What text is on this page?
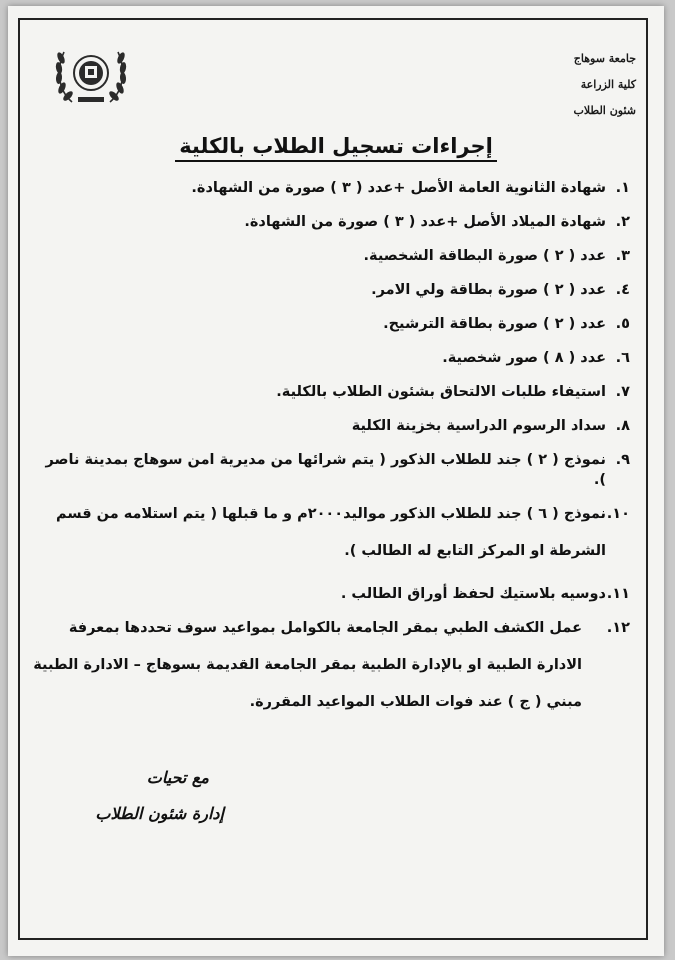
جامعة سوهاج
كلية الزراعة
شئون الطلاب
إجراءات تسجيل الطلاب بالكلية
١.
شهادة الثانوية العامة الأصل +عدد ( ٣ ) صورة من الشهادة.
٢.
شهادة الميلاد الأصل +عدد ( ٣ ) صورة من الشهادة.
٣.
عدد ( ٢ ) صورة البطاقة الشخصية.
٤.
عدد ( ٢ ) صورة بطاقة ولي الامر.
٥.
عدد ( ٢ ) صورة بطاقة الترشيح.
٦.
عدد ( ٨ ) صور شخصية.
٧.
استيفاء طلبات الالتحاق بشئون الطلاب بالكلية.
٨.
سداد الرسوم الدراسية بخزينة الكلية
٩.
نموذج ( ٢ ) جند للطلاب الذكور ( يتم شرائها من مديرية امن سوهاج بمدينة ناصر ).
١٠.
نموذج ( ٦ ) جند للطلاب الذكور مواليد٢٠٠٠م و ما قبلها ( يتم استلامه من قسم الشرطة او المركز التابع له الطالب ).
١١.
دوسيه بلاستيك لحفظ أوراق الطالب .
١٢.
عمل الكشف الطبي بمقر الجامعة بالكوامل بمواعيد سوف تحددها بمعرفة الادارة الطبية او بالإدارة الطبية بمقر الجامعة القديمة بسوهاج – الادارة الطبية مبني ( ج ) عند فوات الطلاب المواعيد المقررة.
مع تحيات
إدارة شئون الطلاب
